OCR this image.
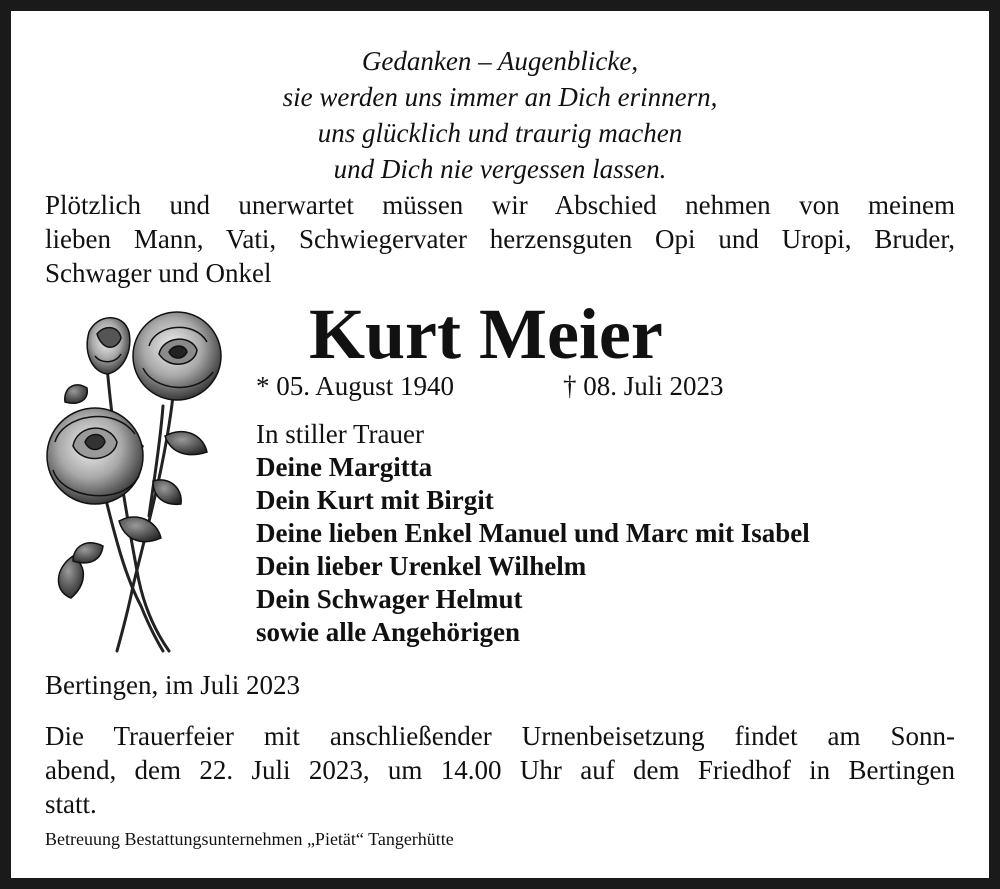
Gedanken – Augenblicke,
sie werden uns immer an Dich erinnern,
uns glücklich und traurig machen
und Dich nie vergessen lassen.
Plötzlich und unerwartet müssen wir Abschied nehmen von meinem
lieben Mann, Vati, Schwiegervater herzensguten Opi und Uropi, Bruder,
Schwager und Onkel
Kurt Meier
* 05. August 1940	† 08. Juli 2023
In stiller Trauer
Deine Margitta
Dein Kurt mit Birgit
Deine lieben Enkel Manuel und Marc mit Isabel
Dein lieber Urenkel Wilhelm
Dein Schwager Helmut
sowie alle Angehörigen
Bertingen, im Juli 2023
Die Trauerfeier mit anschließender Urnenbeisetzung findet am Sonn-
abend, dem 22. Juli 2023, um 14.00 Uhr auf dem Friedhof in Bertingen
statt.
Betreuung Bestattungsunternehmen „Pietät“ Tangerhütte
